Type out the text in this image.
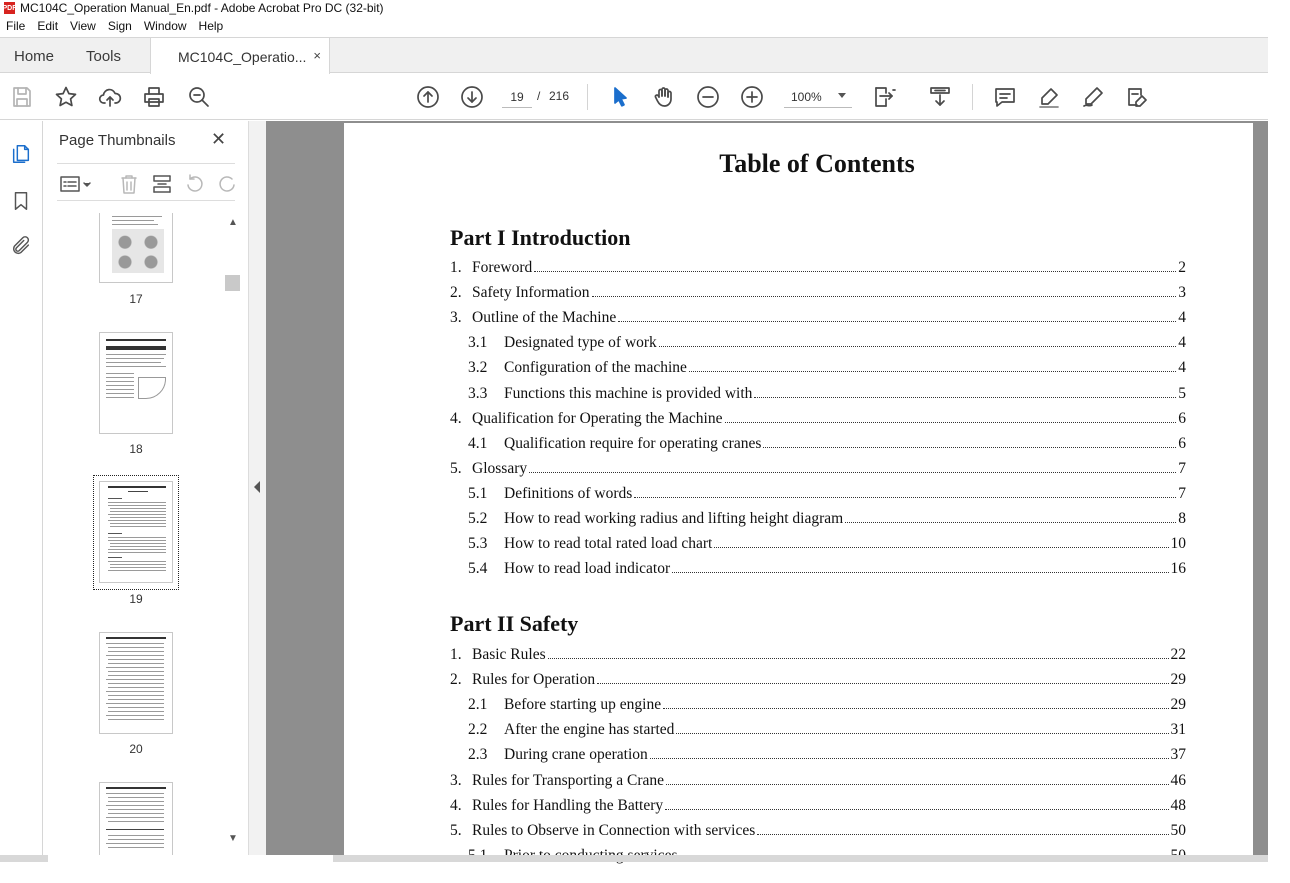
PDF MC104C_Operation Manual_En.pdf - Adobe Acrobat Pro DC (32-bit)
File	Edit	View	Sign	Window	Help
Home Tools	MC104C_Operatio... ×
19
/ 216	100%
Page Thumbnails ✕
17
18
19
20
▲
▼
Table of Contents
Part I Introduction
1. Foreword	2
2. Safety Information	3
3. Outline of the Machine	4
3.1	Designated type of work	4
3.2	Configuration of the machine	4
3.3	Functions this machine is provided with	5
4. Qualification for Operating the Machine	6
4.1	Qualification require for operating cranes	6
5. Glossary	7
5.1	Definitions of words	7
5.2	How to read working radius and lifting height diagram	8
5.3	How to read total rated load chart	10
5.4	How to read load indicator	16
Part II Safety
1. Basic Rules	22
2. Rules for Operation	29
2.1	Before starting up engine	29
2.2	After the engine has started	31
2.3	During crane operation	37
3. Rules for Transporting a Crane	46
4. Rules for Handling the Battery	48
5. Rules to Observe in Connection with services	50
